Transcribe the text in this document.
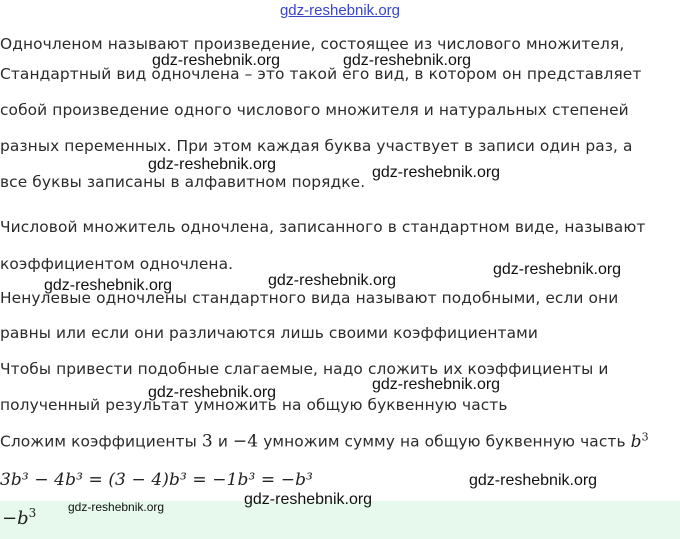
gdz-reshebnik.org
Одночленом называют произведение, состоящее из числового множителя,
Стандартный вид одночлена – это такой его вид, в котором он представляет
собой произведение одного числового множителя и натуральных степеней
разных переменных. При этом каждая буква участвует в записи один раз, а
все буквы записаны в алфавитном порядке.
Числовой множитель одночлена, записанного в стандартном виде, называют
коэффициентом одночлена.
Ненулевые одночлены стандартного вида называют подобными, если они
равны или если они различаются лишь своими коэффициентами
Чтобы привести подобные слагаемые, надо сложить их коэффициенты и
полученный результат умножить на общую буквенную часть
Сложим коэффициенты 3 и −4 умножим сумму на общую буквенную часть $b^3$
3b³ − 4b³ = (3 − 4)b³ = −1b³ = −b³
$-b^3$
gdz-reshebnik.org	gdz-reshebnik.org
gdz-reshebnik.org	gdz-reshebnik.org
gdz-reshebnik.org
gdz-reshebnik.org
gdz-reshebnik.org
gdz-reshebnik.org
gdz-reshebnik.org
gdz-reshebnik.org
gdz-reshebnik.org
gdz-reshebnik.org
